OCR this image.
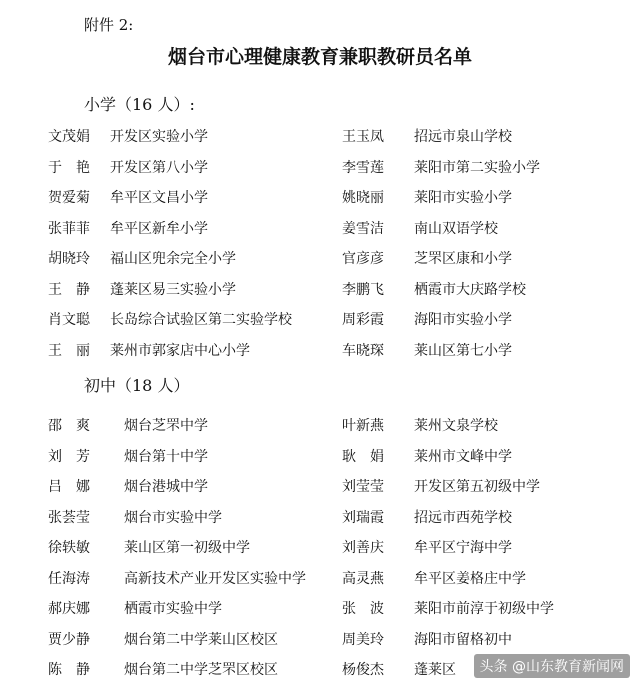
附件 2:
烟台市心理健康教育兼职教研员名单
小学（16 人）:
文茂娟 开发区实验小学
于　艳 开发区第八小学
贺爱菊 牟平区文昌小学
张菲菲 牟平区新牟小学
胡晓玲 福山区兜余完全小学
王　静 蓬莱区易三实验小学
肖文聪 长岛综合试验区第二实验学校
王　丽 莱州市郭家店中心小学
王玉凤 招远市泉山学校
李雪莲 莱阳市第二实验小学
姚晓丽 莱阳市实验小学
姜雪洁 南山双语学校
官彦彦 芝罘区康和小学
李鹏飞 栖霞市大庆路学校
周彩霞 海阳市实验小学
车晓琛 莱山区第七小学
初中（18 人）
邵　爽 烟台芝罘中学
刘　芳 烟台第十中学
吕　娜 烟台港城中学
张荟莹 烟台市实验中学
徐轶敏 莱山区第一初级中学
任海涛 高新技术产业开发区实验中学
郝庆娜 栖霞市实验中学
贾少静 烟台第二中学莱山区校区
陈　静 烟台第二中学芝罘区校区
叶新燕 莱州文泉学校
耿　娟 莱州市文峰中学
刘莹莹 开发区第五初级中学
刘瑞霞 招远市西苑学校
刘善庆 牟平区宁海中学
高灵燕 牟平区姜格庄中学
张　波 莱阳市前淳于初级中学
周美玲 海阳市留格初中
杨俊杰 蓬莱区	头条 @山东教育新闻网
